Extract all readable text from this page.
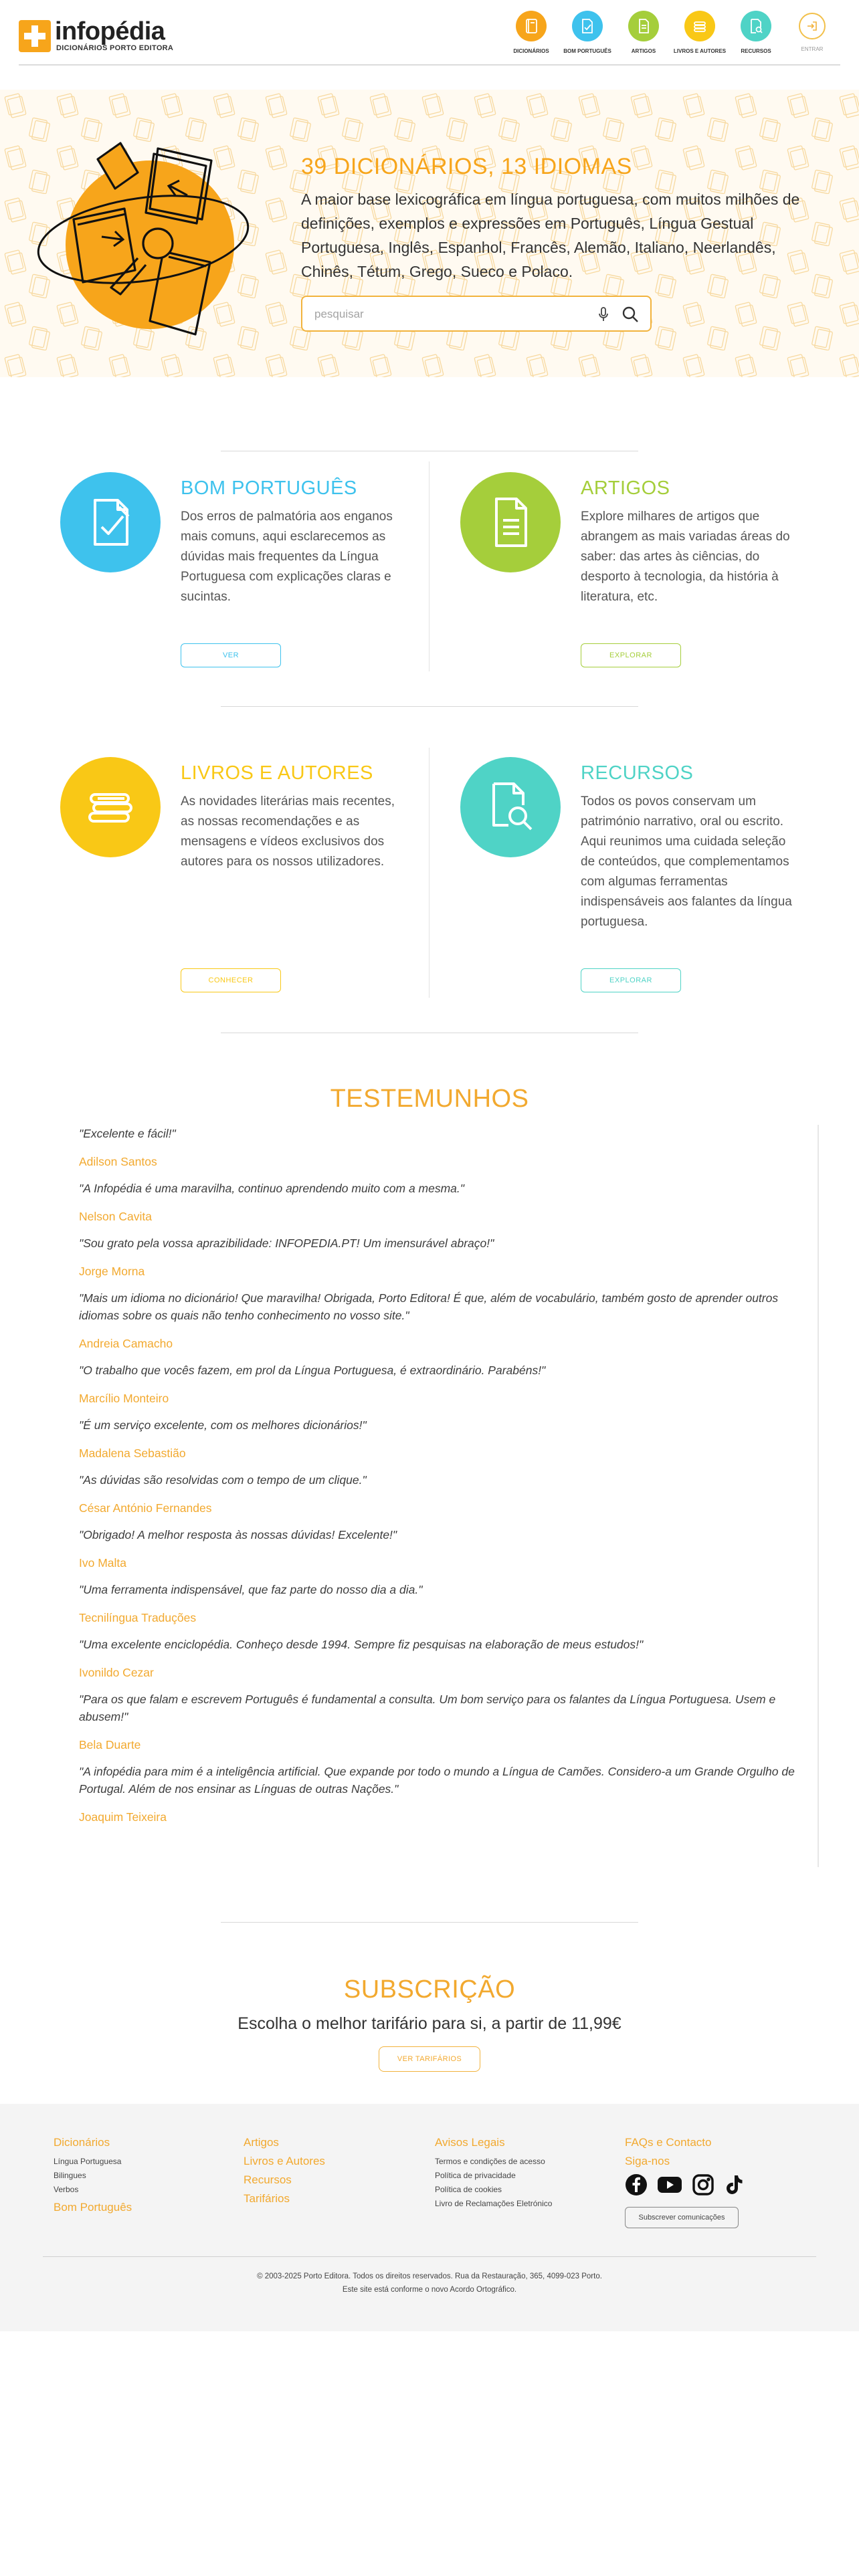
infopédia
DICIONÁRIOS PORTO EDITORA	DICIONÁRIOS	BOM PORTUGUÊS	ARTIGOS	LIVROS E AUTORES	RECURSOS	ENTRAR
39 DICIONÁRIOS, 13 IDIOMAS
A maior base lexicográfica em língua portuguesa, com muitos milhões de definições, exemplos e expressões em Português, Língua Gestual Portuguesa, Inglês, Espanhol, Francês, Alemão, Italiano, Neerlandês, Chinês, Tétum, Grego, Sueco e Polaco.
pesquisar
BOM PORTUGUÊS
Dos erros de palmatória aos enganos mais comuns, aqui esclarecemos as dúvidas mais frequentes da Língua Portuguesa com explicações claras e sucintas.
VER
ARTIGOS
Explore milhares de artigos que abrangem as mais variadas áreas do saber: das artes às ciências, do desporto à tecnologia, da história à literatura, etc.
EXPLORAR
LIVROS E AUTORES
As novidades literárias mais recentes, as nossas recomendações e as mensagens e vídeos exclusivos dos autores para os nossos utilizadores.
CONHECER
RECURSOS
Todos os povos conservam um património narrativo, oral ou escrito. Aqui reunimos uma cuidada seleção de conteúdos, que complementamos com algumas ferramentas indispensáveis aos falantes da língua portuguesa.
EXPLORAR
TESTEMUNHOS
"Excelente e fácil!"
Adilson Santos
"A Infopédia é uma maravilha, continuo aprendendo muito com a mesma."
Nelson Cavita
"Sou grato pela vossa aprazibilidade: INFOPEDIA.PT! Um imensurável abraço!"
Jorge Morna
"Mais um idioma no dicionário! Que maravilha! Obrigada, Porto Editora! É que, além de vocabulário, também gosto de aprender outros idiomas sobre os quais não tenho conhecimento no vosso site."
Andreia Camacho
"O trabalho que vocês fazem, em prol da Língua Portuguesa, é extraordinário. Parabéns!"
Marcílio Monteiro
"É um serviço excelente, com os melhores dicionários!"
Madalena Sebastião
"As dúvidas são resolvidas com o tempo de um clique."
César António Fernandes
"Obrigado! A melhor resposta às nossas dúvidas! Excelente!"
Ivo Malta
"Uma ferramenta indispensável, que faz parte do nosso dia a dia."
Tecnilíngua Traduções
"Uma excelente enciclopédia. Conheço desde 1994. Sempre fiz pesquisas na elaboração de meus estudos!"
Ivonildo Cezar
"Para os que falam e escrevem Português é fundamental a consulta. Um bom serviço para os falantes da Língua Portuguesa. Usem e abusem!"
Bela Duarte
"A infopédia para mim é a inteligência artificial. Que expande por todo o mundo a Língua de Camões. Considero-a um Grande Orgulho de Portugal. Além de nos ensinar as Línguas de outras Nações."
Joaquim Teixeira
SUBSCRIÇÃO
Escolha o melhor tarifário para si, a partir de 11,99€
VER TARIFÁRIOS
Dicionários
Língua Portuguesa
Bilingues
Verbos
Bom Português
Artigos
Livros e Autores
Recursos
Tarifários
Avisos Legais
Termos e condições de acesso
Política de privacidade
Política de cookies
Livro de Reclamações Eletrónico
FAQs e Contacto
Siga-nos
Subscrever comunicações
© 2003-2025 Porto Editora. Todos os direitos reservados. Rua da Restauração, 365, 4099-023 Porto.
Este site está conforme o novo Acordo Ortográfico.
